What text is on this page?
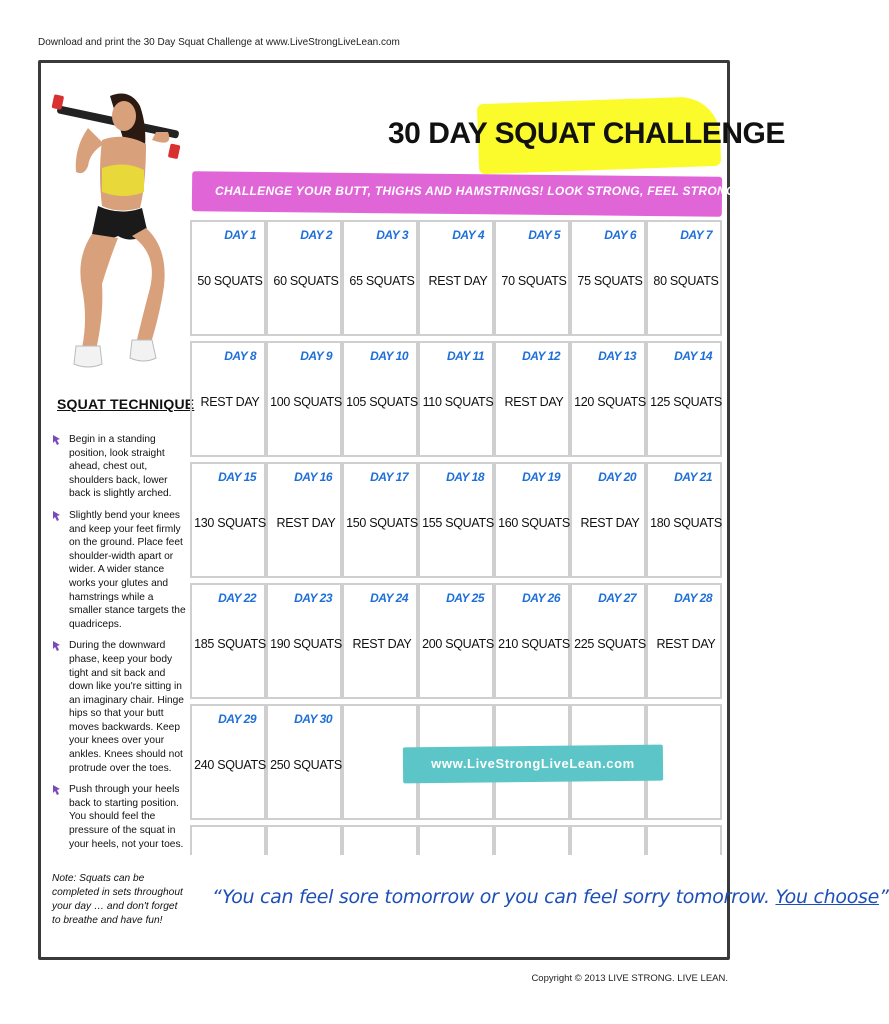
Download and print the 30 Day Squat Challenge at www.LiveStrongLiveLean.com
SQUAT TECHNIQUE
Begin in a standing position, look straight ahead, chest out, shoulders back, lower back is slightly arched.
Slightly bend your knees and keep your feet firmly on the ground. Place feet shoulder-width apart or wider. A wider stance works your glutes and hamstrings while a smaller stance targets the quadriceps.
During the downward phase, keep your body tight and sit back and down like you're sitting in an imaginary chair. Hinge hips so that your butt moves backwards. Keep your knees over your ankles. Knees should not protrude over the toes.
Push through your heels back to starting position. You should feel the pressure of the squat in your heels, not your toes.
Note: Squats can be completed in sets throughout your day … and don't forget to breathe and have fun!
30 DAY SQUAT CHALLENGE
CHALLENGE YOUR BUTT, THIGHS AND HAMSTRINGS! LOOK STRONG, FEEL STRONG[ER].
DAY 1
50 SQUATS
DAY 2
60 SQUATS
DAY 3
65 SQUATS
DAY 4
REST DAY
DAY 5
70 SQUATS
DAY 6
75 SQUATS
DAY 7
80 SQUATS
DAY 8
REST DAY
DAY 9
100 SQUATS
DAY 10
105 SQUATS
DAY 11
110 SQUATS
DAY 12
REST DAY
DAY 13
120 SQUATS
DAY 14
125 SQUATS
DAY 15
130 SQUATS
DAY 16
REST DAY
DAY 17
150 SQUATS
DAY 18
155 SQUATS
DAY 19
160 SQUATS
DAY 20
REST DAY
DAY 21
180 SQUATS
DAY 22
185 SQUATS
DAY 23
190 SQUATS
DAY 24
REST DAY
DAY 25
200 SQUATS
DAY 26
210 SQUATS
DAY 27
225 SQUATS
DAY 28
REST DAY
DAY 29
240 SQUATS
DAY 30
250 SQUATS	www.LiveStrongLiveLean.com
“You can feel sore tomorrow or you can feel sorry tomorrow. You choose”
Copyright © 2013 LIVE STRONG. LIVE LEAN.
